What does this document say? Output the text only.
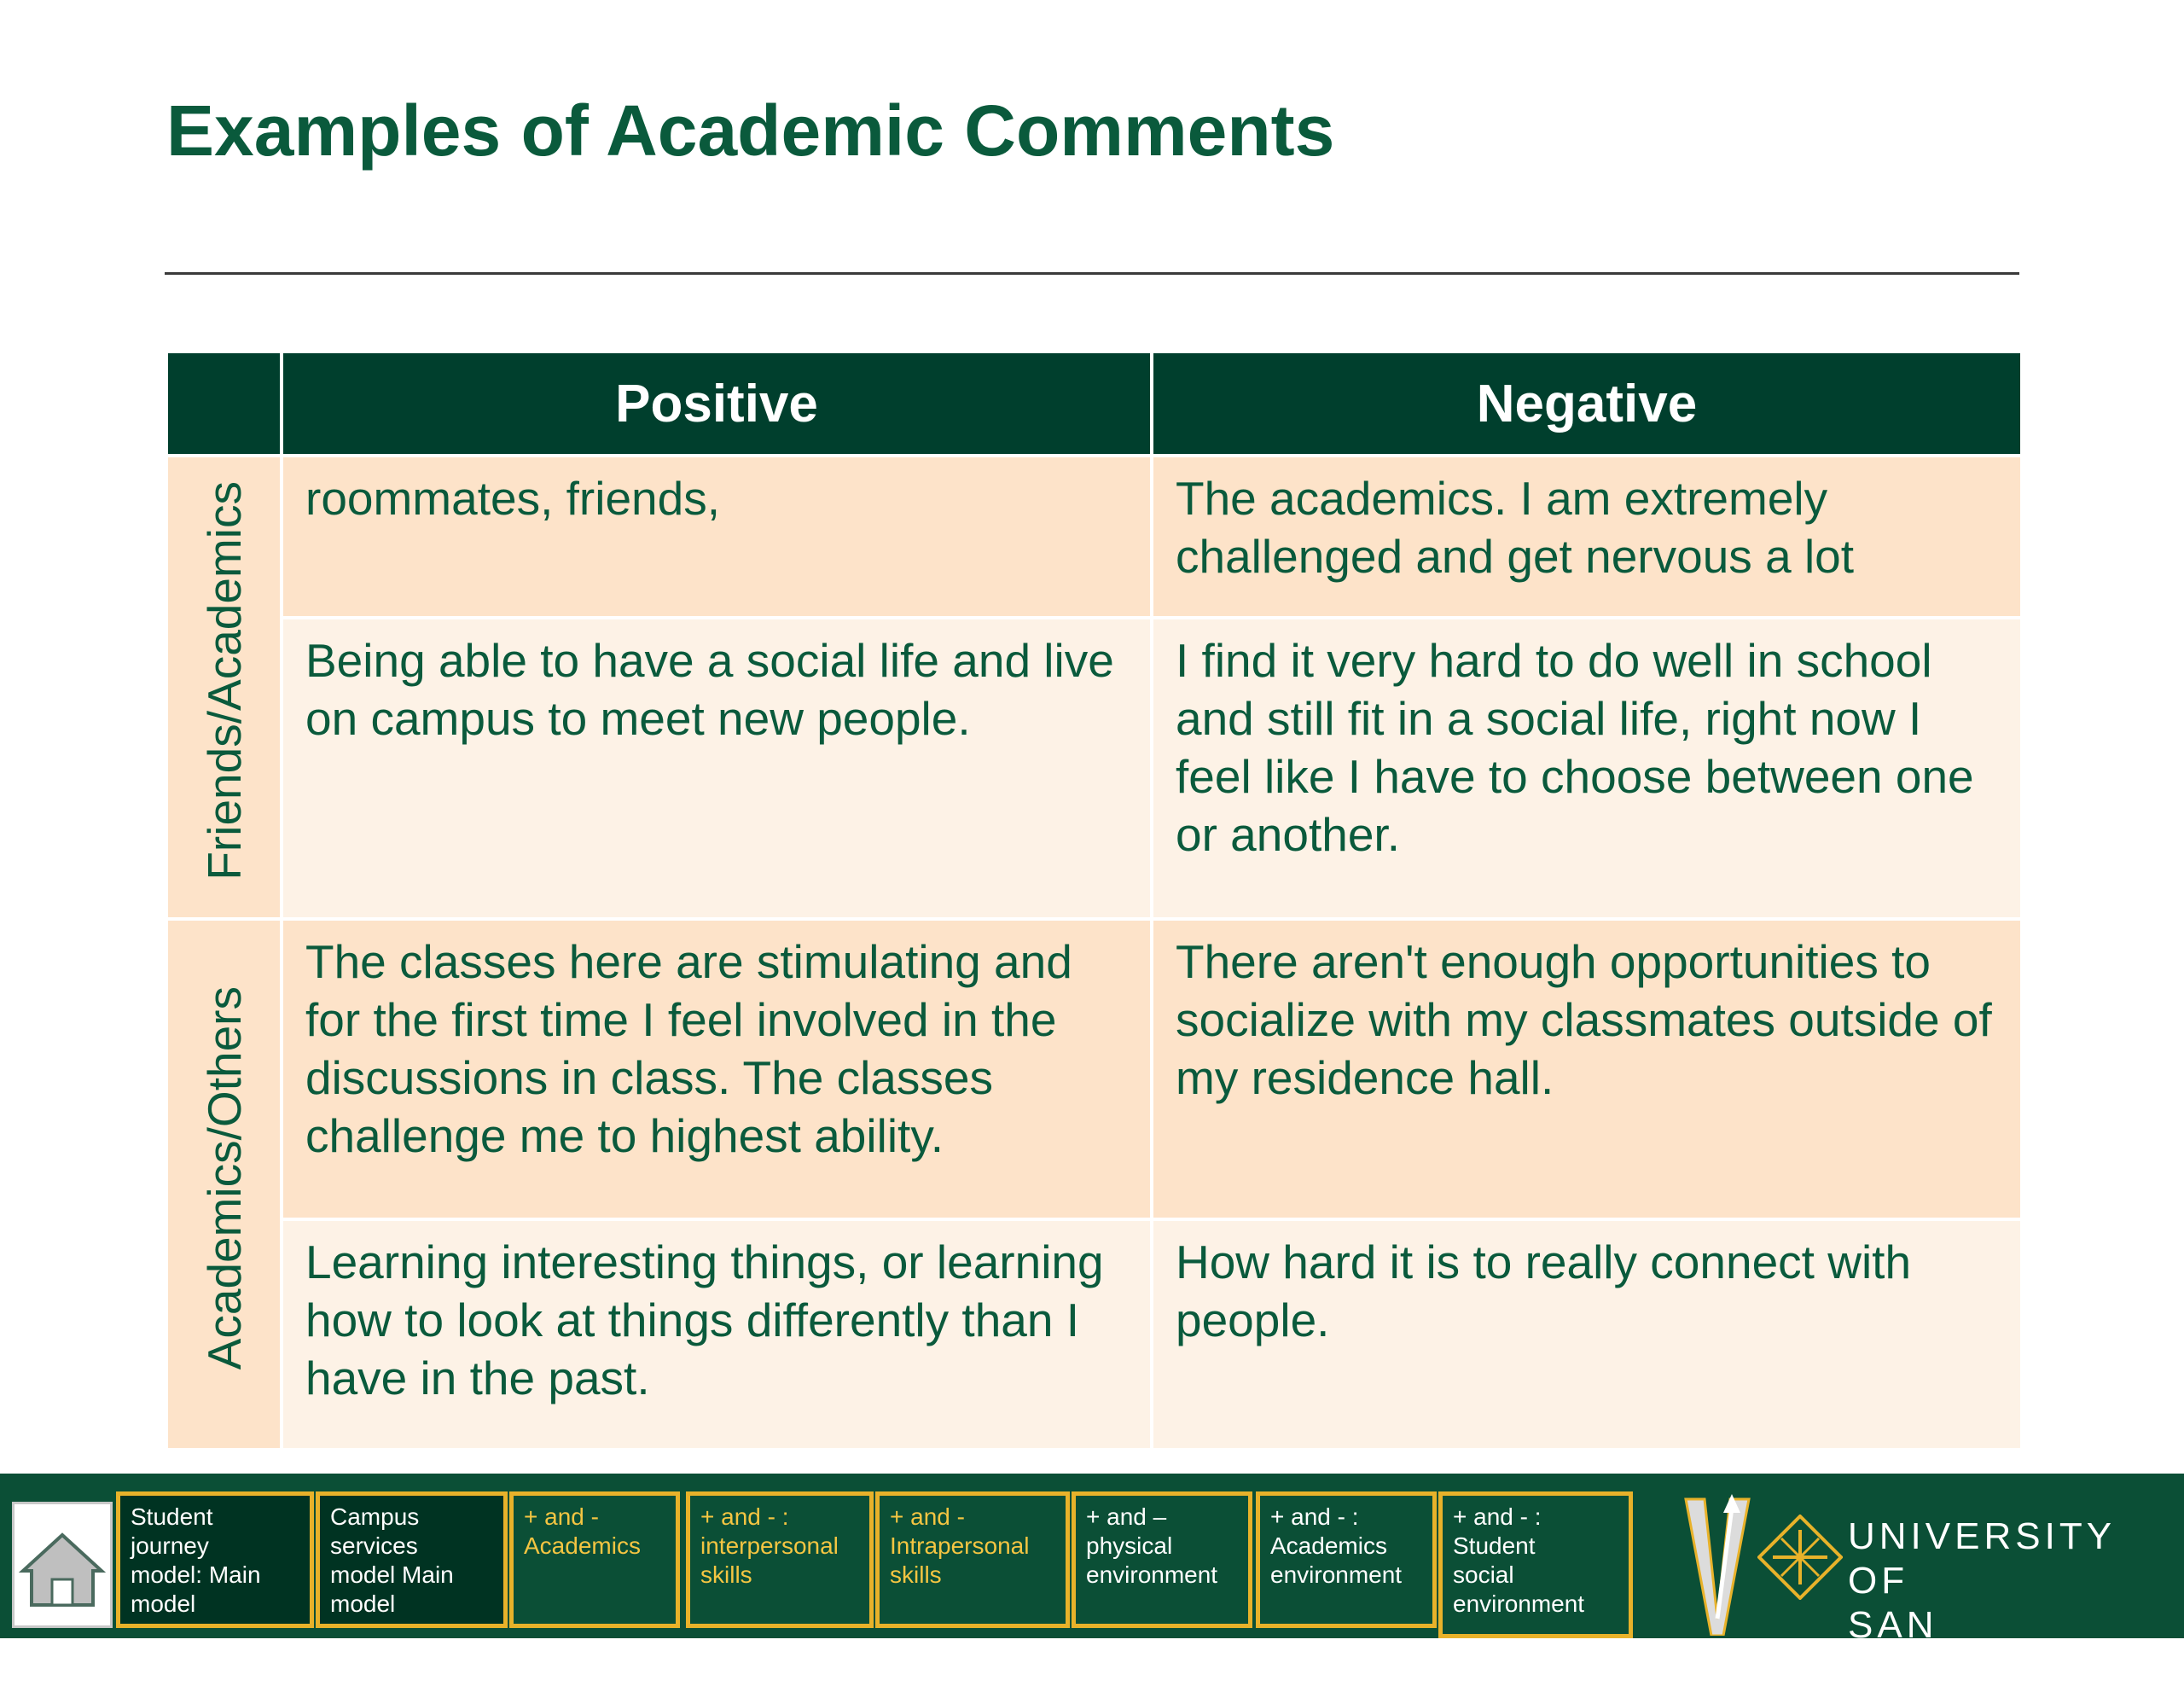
Examples of Academic Comments
	Positive	Negative
Friends/Academics	roommates, friends,	The academics. I am extremely challenged and get nervous a lot
	Being able to have a social life and live on campus to meet new people.	I find it very hard to do well in school and still fit in a social life, right now I feel like I have to choose between one or another.
Academics/Others	The classes here are stimulating and for the first time I feel involved in the discussions in class. The classes challenge me to highest ability.	There aren't enough opportunities to socialize with my classmates outside of my residence hall.
	Learning interesting things, or learning how to look at things differently than I have in the past.	How hard it is to really connect with people.
Student
journey
model: Main
model
Campus
services
model Main
model
+ and -
Academics
+ and - :
interpersonal
skills
+ and -
Intrapersonal
skills
+ and –
physical
environment
+ and - :
Academics
environment
+ and - :
Student
social
environment
UNIVERSITY OF
SAN FRANCISCO
